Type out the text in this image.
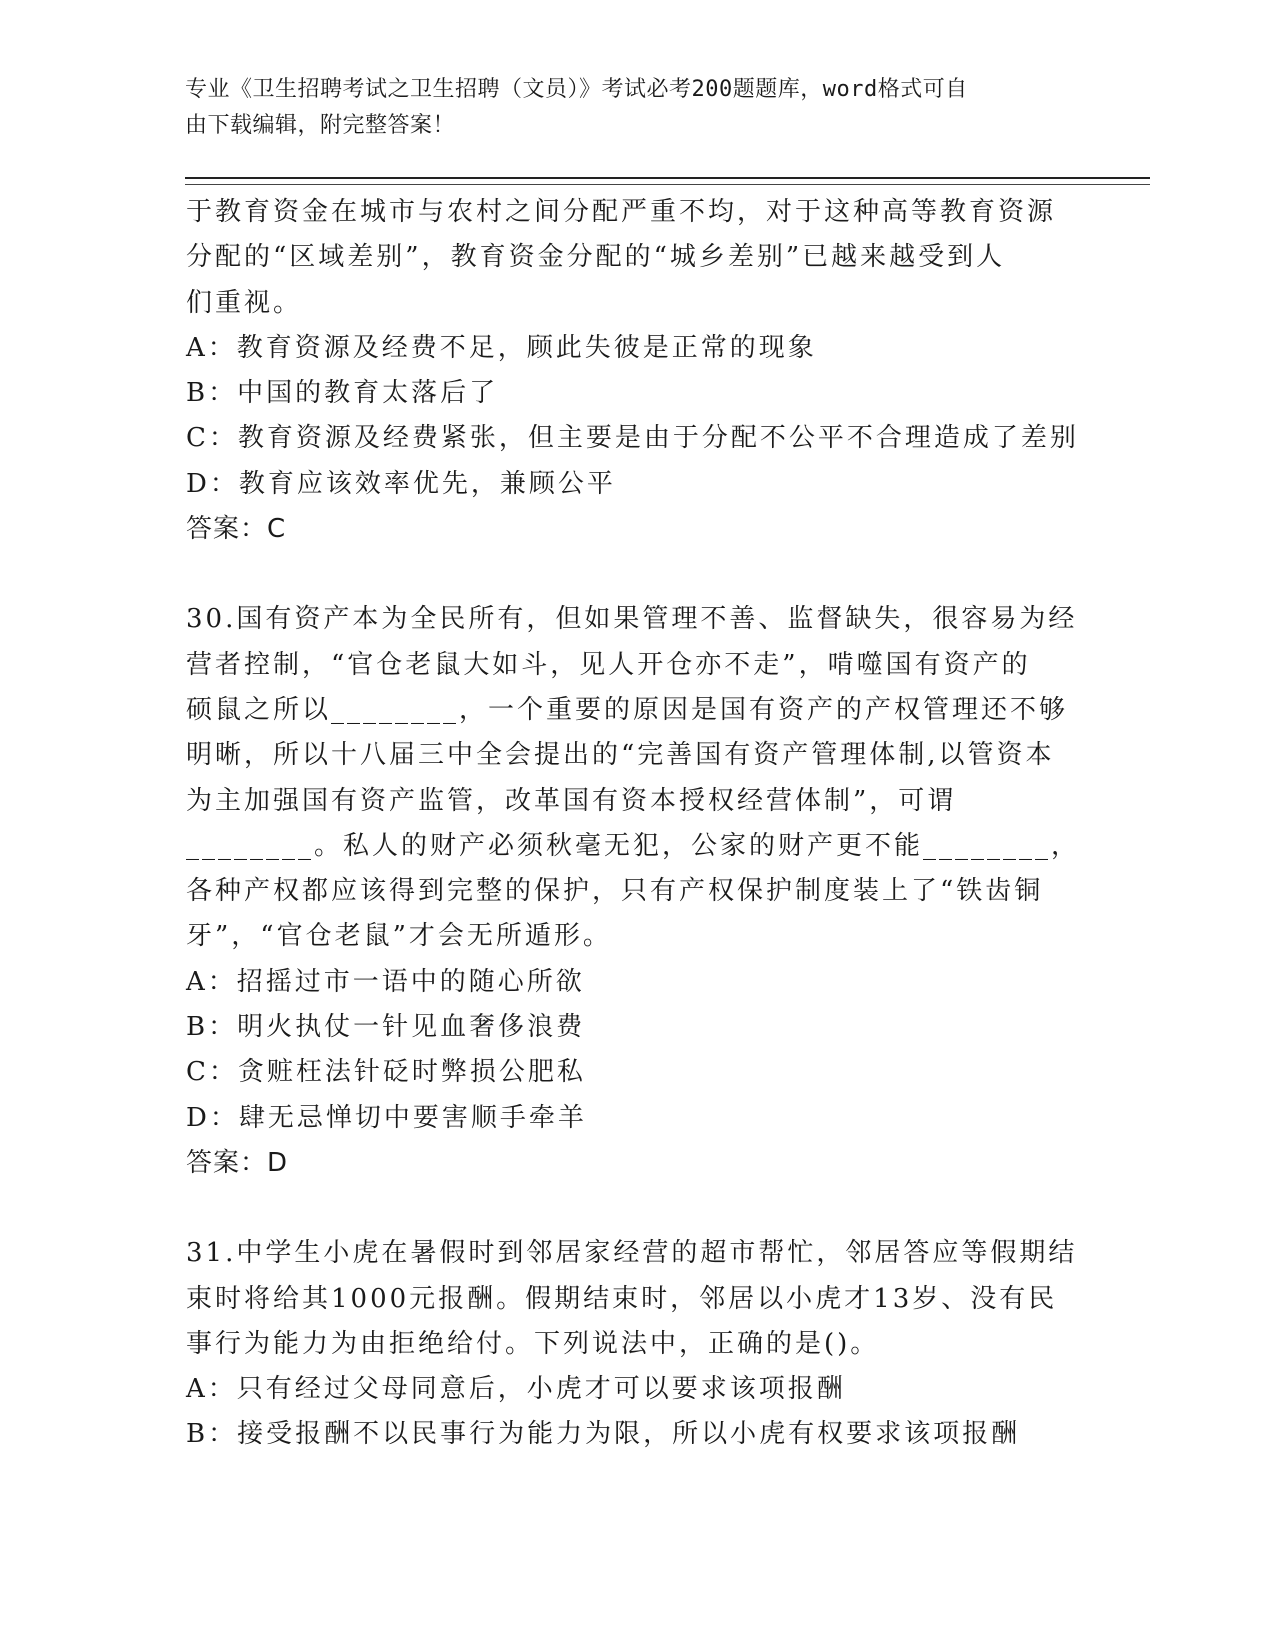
专业《卫生招聘考试之卫生招聘（文员）》考试必考200题题库，word格式可自
由下载编辑，附完整答案！

于教育资金在城市与农村之间分配严重不均，对于这种高等教育资源

分配的“区域差别”，教育资金分配的“城乡差别”已越来越受到人

们重视。

A：教育资源及经费不足，顾此失彼是正常的现象

B：中国的教育太落后了

C：教育资源及经费紧张，但主要是由于分配不公平不合理造成了差别

D：教育应该效率优先，兼顾公平

答案：C

30.国有资产本为全民所有，但如果管理不善、监督缺失，很容易为经

营者控制，“官仓老鼠大如斗，见人开仓亦不走”，啃噬国有资产的

硕鼠之所以________，一个重要的原因是国有资产的产权管理还不够

明晰，所以十八届三中全会提出的“完善国有资产管理体制,以管资本

为主加强国有资产监管，改革国有资本授权经营体制”，可谓

________。私人的财产必须秋毫无犯，公家的财产更不能________，

各种产权都应该得到完整的保护，只有产权保护制度装上了“铁齿铜

牙”，“官仓老鼠”才会无所遁形。

A：招摇过市一语中的随心所欲

B：明火执仗一针见血奢侈浪费

C：贪赃枉法针砭时弊损公肥私

D：肆无忌惮切中要害顺手牵羊

答案：D

31.中学生小虎在暑假时到邻居家经营的超市帮忙，邻居答应等假期结

束时将给其1000元报酬。假期结束时，邻居以小虎才13岁、没有民

事行为能力为由拒绝给付。下列说法中，正确的是()。

A：只有经过父母同意后，小虎才可以要求该项报酬

B：接受报酬不以民事行为能力为限，所以小虎有权要求该项报酬
